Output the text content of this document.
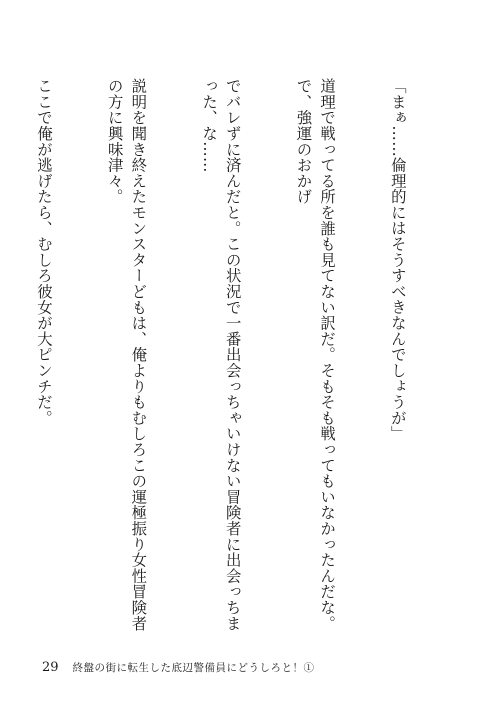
「まぁ……倫理的にはそうすべきなんでしょうが」

道理で戦ってる所を誰も見てない訳だ。そもそも戦ってもいなかったんだな。で、強運のおかげ

でバレずに済んだと。この状況で一番出会っちゃいけない冒険者に出会っちまった、な……

説明を聞き終えたモンスターどもは、俺よりもむしろこの運極振り女性冒険者の方に興味津々。

ここで俺が逃げたら、むしろ彼女が大ピンチだ。

29 終盤の街に転生した底辺警備員にどうしろと！①
